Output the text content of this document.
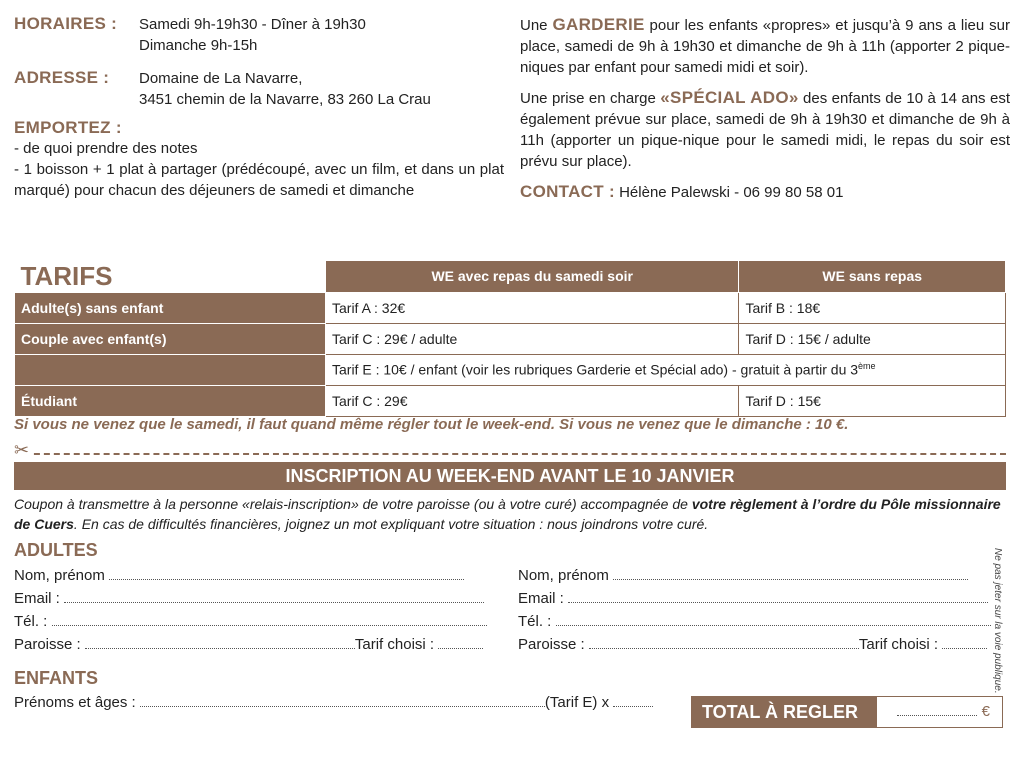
HORAIRES :	Samedi 9h-19h30 - Dîner à 19h30
Dimanche 9h-15h
ADRESSE :	Domaine de La Navarre,
3451 chemin de la Navarre, 83 260 La Crau
EMPORTEZ :
- de quoi prendre des notes
- 1 boisson + 1 plat à partager (prédécoupé, avec un film, et dans un plat marqué) pour chacun des déjeuners de samedi et dimanche
Une GARDERIE pour les enfants «propres» et jusqu’à 9 ans a lieu sur place, samedi de 9h à 19h30 et dimanche de 9h à 11h (apporter 2 pique-niques par enfant pour samedi midi et soir).
Une prise en charge «SPÉCIAL ADO» des enfants de 10 à 14 ans est également prévue sur place, samedi de 9h à 19h30 et dimanche de 9h à 11h (apporter un pique-nique pour le samedi midi, le repas du soir est prévu sur place).
CONTACT : Hélène Palewski - 06 99 80 58 01
TARIFS	WE avec repas du samedi soir	WE sans repas
Adulte(s) sans enfant	Tarif A : 32€	Tarif B : 18€
Couple avec enfant(s)	Tarif C : 29€ / adulte	Tarif D : 15€ / adulte
	Tarif E : 10€ / enfant (voir les rubriques Garderie et Spécial ado) - gratuit à partir du 3ème
Étudiant	Tarif C : 29€	Tarif D : 15€
Si vous ne venez que le samedi, il faut quand même régler tout le week-end. Si vous ne venez que le dimanche : 10 €.
✂
INSCRIPTION AU WEEK-END AVANT LE 10 JANVIER
Coupon à transmettre à la personne «relais-inscription» de votre paroisse (ou à votre curé) accompagnée de votre règlement à l’ordre du Pôle missionnaire de Cuers. En cas de difficultés financières, joignez un mot expliquant votre situation : nous joindrons votre curé.
ADULTES
Nom, prénom
Email :
Tél. :
Paroisse :	Tarif choisi :
Nom, prénom
Email :
Tél. :
Paroisse :	Tarif choisi :
ENFANTS
Prénoms et âges :	(Tarif E) x	TOTAL À REGLER :
€
Ne pas jeter sur la voie publique.
